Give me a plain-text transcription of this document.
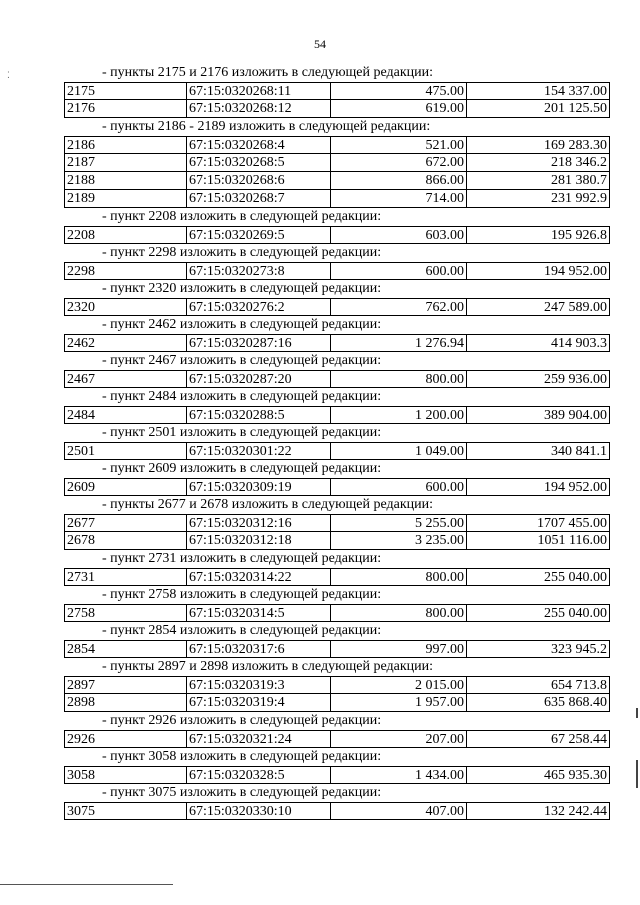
54
⁚	- пункты 2175 и 2176 изложить в следующей редакции:
2175	67:15:0320268:11	475.00	154 337.00
2176	67:15:0320268:12	619.00	201 125.50
- пункты 2186 - 2189 изложить в следующей редакции:
2186	67:15:0320268:4	521.00	169 283.30
2187	67:15:0320268:5	672.00	218 346.2
2188	67:15:0320268:6	866.00	281 380.7
2189	67:15:0320268:7	714.00	231 992.9
- пункт 2208 изложить в следующей редакции:
2208	67:15:0320269:5	603.00	195 926.8
- пункт 2298 изложить в следующей редакции:
2298	67:15:0320273:8	600.00	194 952.00
- пункт 2320 изложить в следующей редакции:
2320	67:15:0320276:2	762.00	247 589.00
- пункт 2462 изложить в следующей редакции:
2462	67:15:0320287:16	1 276.94	414 903.3
- пункт 2467 изложить в следующей редакции:
2467	67:15:0320287:20	800.00	259 936.00
- пункт 2484 изложить в следующей редакции:
2484	67:15:0320288:5	1 200.00	389 904.00
- пункт 2501 изложить в следующей редакции:
2501	67:15:0320301:22	1 049.00	340 841.1
- пункт 2609 изложить в следующей редакции:
2609	67:15:0320309:19	600.00	194 952.00
- пункты 2677 и 2678 изложить в следующей редакции:
2677	67:15:0320312:16	5 255.00	1707 455.00
2678	67:15:0320312:18	3 235.00	1051 116.00
- пункт 2731 изложить в следующей редакции:
2731	67:15:0320314:22	800.00	255 040.00
- пункт 2758 изложить в следующей редакции:
2758	67:15:0320314:5	800.00	255 040.00
- пункт 2854 изложить в следующей редакции:
2854	67:15:0320317:6	997.00	323 945.2
- пункты 2897 и 2898 изложить в следующей редакции:
2897	67:15:0320319:3	2 015.00	654 713.8
2898	67:15:0320319:4	1 957.00	635 868.40
- пункт 2926 изложить в следующей редакции:
2926	67:15:0320321:24	207.00	67 258.44
- пункт 3058 изложить в следующей редакции:
3058	67:15:0320328:5	1 434.00	465 935.30
- пункт 3075 изложить в следующей редакции:
3075	67:15:0320330:10	407.00	132 242.44
